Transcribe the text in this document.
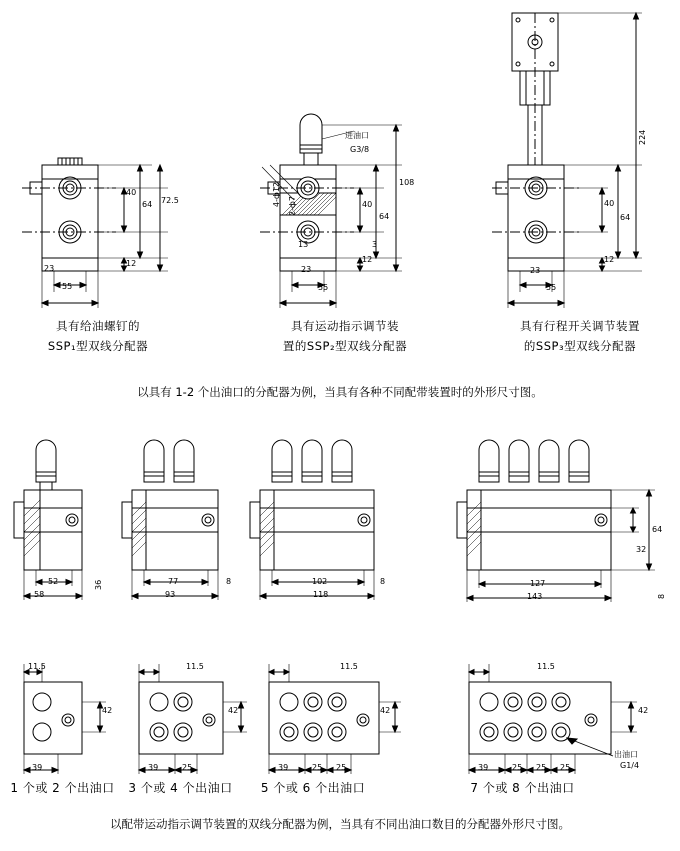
40
64 72.5
23
12
55
具有给油螺钉的
SSP₁型双线分配器
进油口
G3/8
4-ф12 2-ф7
13	3
40
64
108
23
12
55
具有运动指示调节装
置的SSP₂型双线分配器
224
64
40
23
12
55
具有行程开关调节装置
的SSP₃型双线分配器
以具有 1-2 个出油口的分配器为例，当具有各种不同配带装置时的外形尺寸图。
52	36
58
77	8
93
102	8
118
127
143
64
32
8
11.5
42
39
1 个或 2 个出油口
11.5
42
39	25
3 个或 4 个出油口
11.5
42
39	25 25
5 个或 6 个出油口
11.5
42
39	25 25 25
出油口
G1/4
7 个或 8 个出油口
以配带运动指示调节装置的双线分配器为例，当具有不同出油口数目的分配器外形尺寸图。
